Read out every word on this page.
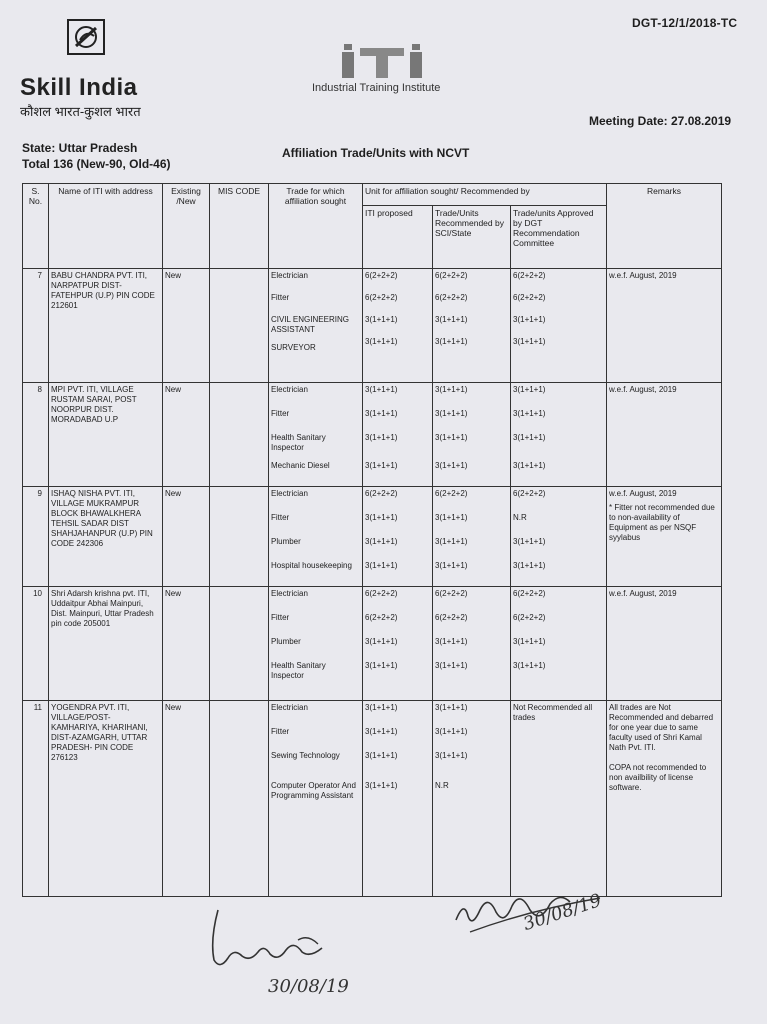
DGT-12/1/2018-TC
Skill India
कौशल भारत-कुशल भारत
Industrial Training Institute
Meeting Date: 27.08.2019
State: Uttar Pradesh
Total 136 (New-90, Old-46)
Affiliation Trade/Units with NCVT
S. No.	Name of ITI with address	Existing /New	MIS CODE	Trade for which affiliation sought	Unit for affiliation sought/ Recommended by			Remarks
					ITI proposed	Trade/Units Recommended by SCI/State	Trade/units Approved by DGT Recommendation Committee	
7	BABU CHANDRA PVT. ITI, NARPATPUR DIST- FATEHPUR (U.P) PIN CODE 212601	New		Electrician
Fitter
CIVIL ENGINEERING ASSISTANT
SURVEYOR	6(2+2+2)
6(2+2+2)
3(1+1+1)
3(1+1+1)	6(2+2+2)
6(2+2+2)
3(1+1+1)
3(1+1+1)	6(2+2+2)
6(2+2+2)
3(1+1+1)
3(1+1+1)	w.e.f. August, 2019

8	MPI PVT. ITI, VILLAGE RUSTAM SARAI, POST NOORPUR DIST. MORADABAD U.P	New		Electrician
Fitter
Health Sanitary Inspector
Mechanic Diesel	3(1+1+1)
3(1+1+1)
3(1+1+1)
3(1+1+1)	3(1+1+1)
3(1+1+1)
3(1+1+1)
3(1+1+1)	3(1+1+1)
3(1+1+1)
3(1+1+1)
3(1+1+1)	w.e.f. August, 2019

9	ISHAQ NISHA PVT. ITI, VILLAGE MUKRAMPUR BLOCK BHAWALKHERA TEHSIL SADAR DIST SHAHJAHANPUR (U.P) PIN CODE 242306	New		Electrician
Fitter
Plumber
Hospital housekeeping	6(2+2+2)
3(1+1+1)
3(1+1+1)
3(1+1+1)	6(2+2+2)
3(1+1+1)
3(1+1+1)
3(1+1+1)	6(2+2+2)
N.R
3(1+1+1)
3(1+1+1)	w.e.f. August, 2019
* Fitter not recommended due to non-availability of Equipment as per NSQF syylabus

10	Shri Adarsh krishna pvt. ITI, Uddaitpur Abhai Mainpuri, Dist. Mainpuri, Uttar Pradesh pin code 205001	New		Electrician
Fitter
Plumber
Health Sanitary Inspector	6(2+2+2)
6(2+2+2)
3(1+1+1)
3(1+1+1)	6(2+2+2)
6(2+2+2)
3(1+1+1)
3(1+1+1)	6(2+2+2)
6(2+2+2)
3(1+1+1)
3(1+1+1)	w.e.f. August, 2019

11	YOGENDRA PVT. ITI, VILLAGE/POST- KAMHARIYA, KHARIHANI, DIST-AZAMGARH, UTTAR PRADESH- PIN CODE 276123	New		Electrician
Fitter
Sewing Technology
Computer Operator And Programming Assistant	3(1+1+1)
3(1+1+1)
3(1+1+1)
3(1+1+1)	3(1+1+1)
3(1+1+1)
3(1+1+1)
N.R	Not Recommended all trades	All trades are Not Recommended and debarred for one year due to same faculty used of Shri Kamal Nath Pvt. ITI.
COPA not recommended to non availbility of license software.
30/08/19
30/08/19
